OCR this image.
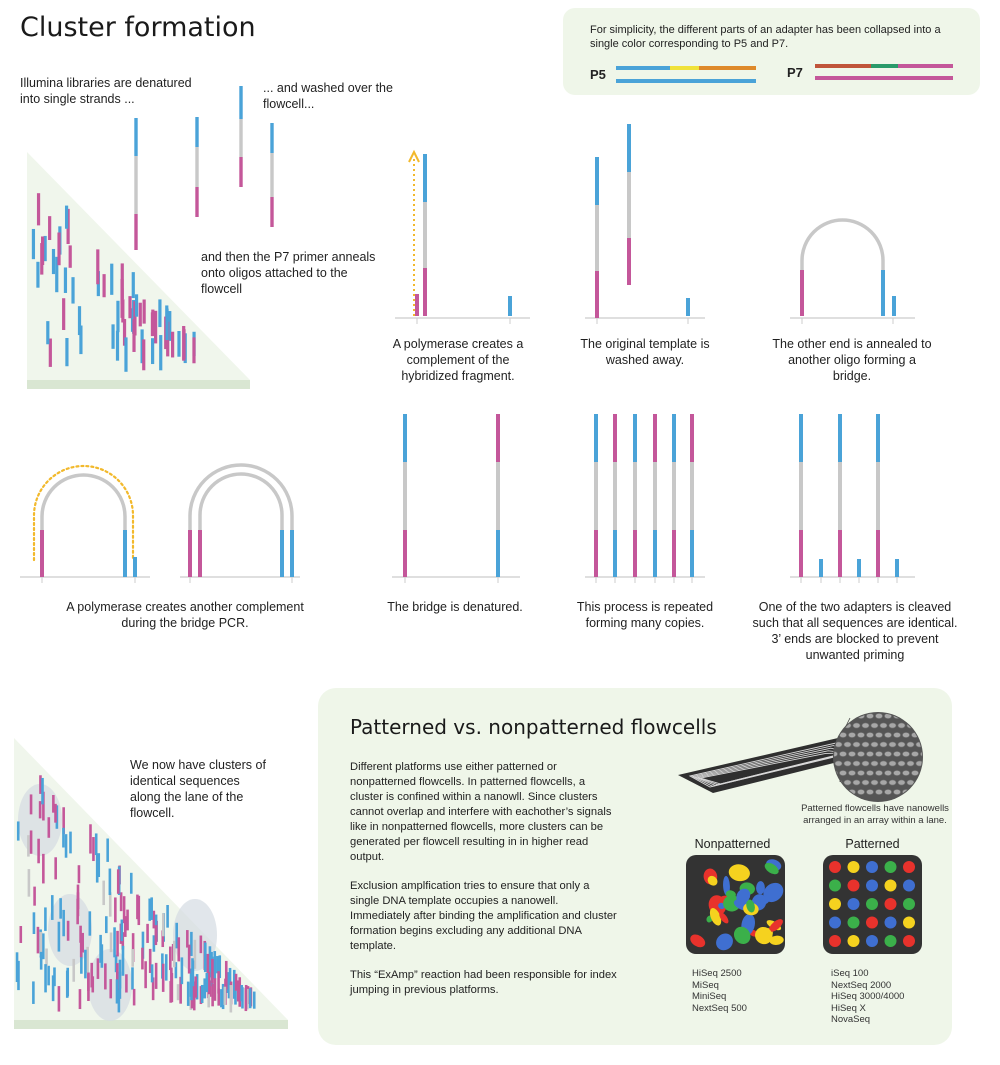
Cluster formation	For simplicity, the different parts of an adapter has been collapsed into a single color corresponding to P5 and P7.
P5	P7
Illumina libraries are denatured into single strands ...
... and washed over the flowcell...
and then the P7 primer anneals onto oligos attached to the flowcell
A polymerase creates a complement of the hybridized fragment.
The original template is washed away.
The other end is annealed to another oligo forming a bridge.
A polymerase creates another complement during the bridge PCR.
The bridge is denatured.	This process is repeated forming many copies.
One of the two adapters is cleaved such that all sequences are identical. 3’ ends are blocked to prevent unwanted priming
We now have clusters of identical sequences along the lane of the flowcell.
Patterned vs. nonpatterned flowcells

Different platforms use either patterned or nonpatterned flowcells. In patterned flowcells, a cluster is confined within a nanowll. Since clusters cannot overlap and interfere with eachother’s signals like in nonpatterned flowcells, more clusters can be generated per flowcell resulting in in higher read output.

Exclusion amplfication tries to ensure that only a single DNA template occupies a nanowell. Immediately after binding the amplification and cluster formation begins excluding any additional DNA template.

This “ExAmp” reaction had been responsible for index jumping in previous platforms.

Patterned flowcells have nanowells arranged in an array within a lane.
Nonpatterned	Patterned
HiSeq 2500
MiSeq
MiniSeq
NextSeq 500
iSeq 100
NextSeq 2000
HiSeq 3000/4000
HiSeq X
NovaSeq
